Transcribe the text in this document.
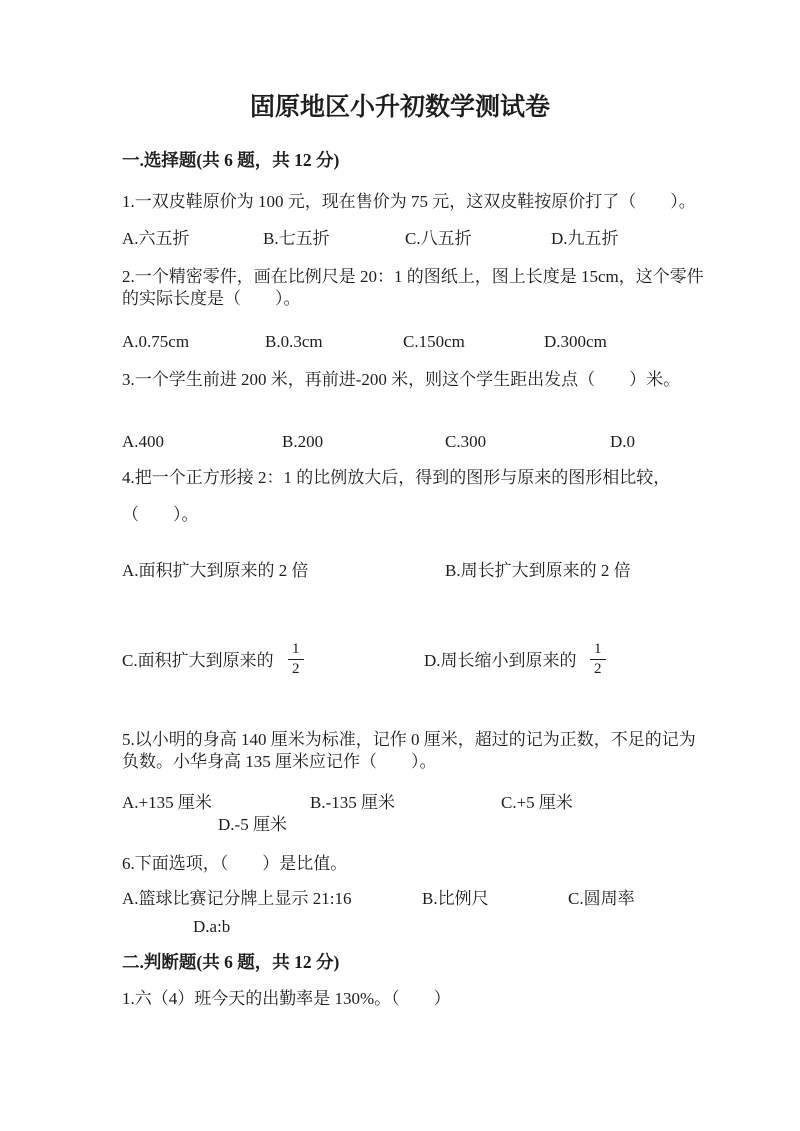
固原地区小升初数学测试卷
一.选择题(共 6 题，共 12 分)
1.一双皮鞋原价为 100 元，现在售价为 75 元，这双皮鞋按原价打了（　　）。
A.六五折	B.七五折	C.八五折	D.九五折
2.一个精密零件，画在比例尺是 20：1 的图纸上，图上长度是 15cm，这个零件
的实际长度是（　　）。
A.0.75cm	B.0.3cm	C.150cm	D.300cm
3.一个学生前进 200 米，再前进-200 米，则这个学生距出发点（　　）米。
A.400	B.200	C.300	D.0
4.把一个正方形接 2：1 的比例放大后，得到的图形与原来的图形相比较，
（　　）。
A.面积扩大到原来的 2 倍	B.周长扩大到原来的 2 倍
C.面积扩大到原来的 $\frac{1}{2}$	D.周长缩小到原来的 $\frac{1}{2}$
5.以小明的身高 140 厘米为标准，记作 0 厘米，超过的记为正数，不足的记为
负数。小华身高 135 厘米应记作（　　）。
A.+135 厘米	B.-135 厘米	C.+5 厘米
D.-5 厘米
6.下面选项，（　　）是比值。
A.篮球比赛记分牌上显示 21:16	B.比例尺	C.圆周率
D.a:b
二.判断题(共 6 题，共 12 分)
1.六（4）班今天的出勤率是 130%。（　　）
